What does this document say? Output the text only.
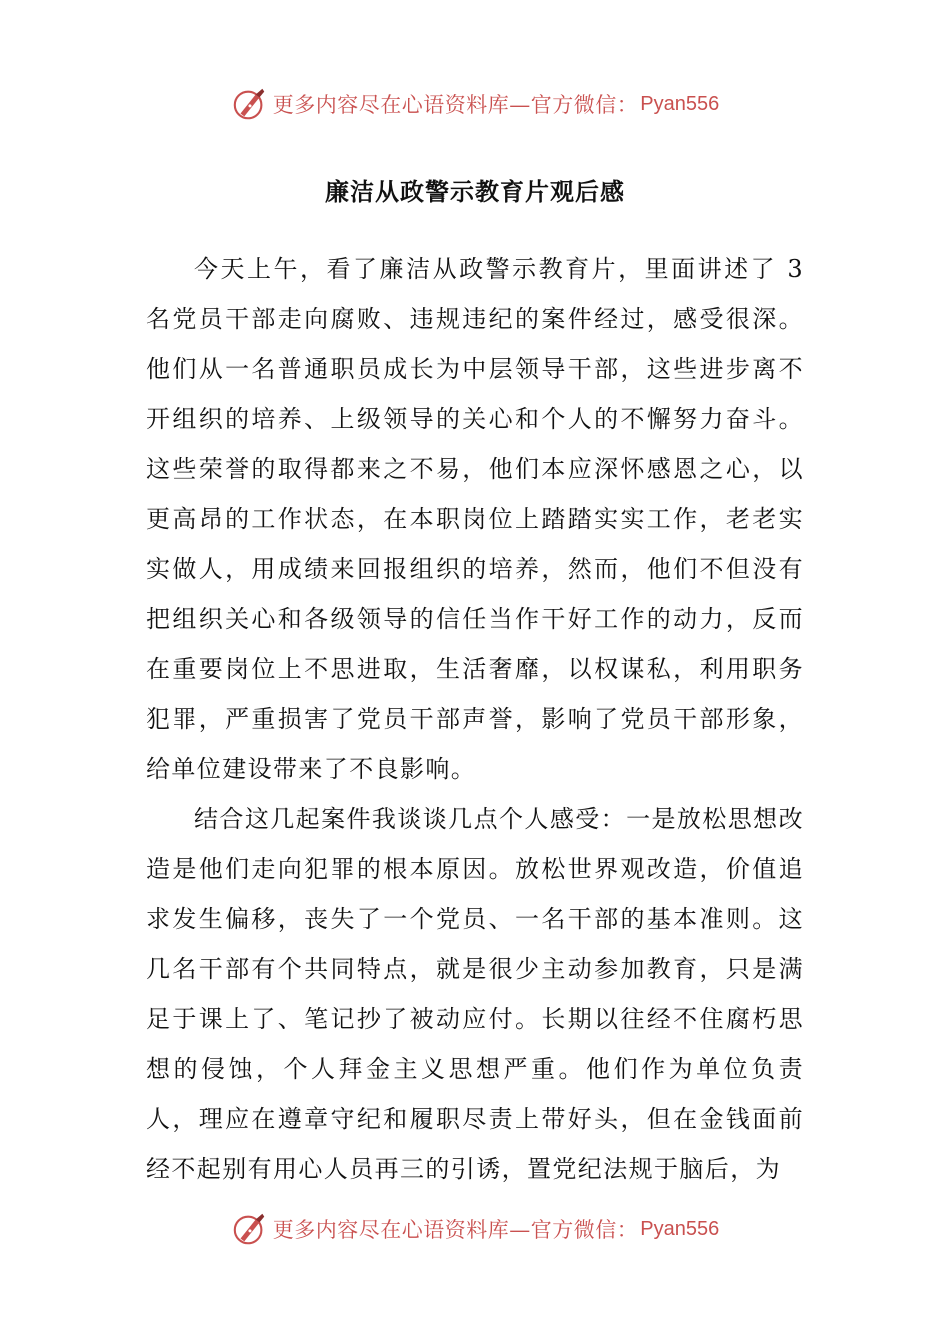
更多内容尽在心语资料库—官方微信： Pyan556
廉洁从政警示教育片观后感

今天上午，看了廉洁从政警示教育片，里面讲述了 3 名党员干部走向腐败、违规违纪的案件经过，感受很深。他们从一名普通职员成长为中层领导干部，这些进步离不开组织的培养、上级领导的关心和个人的不懈努力奋斗。这些荣誉的取得都来之不易，他们本应深怀感恩之心，以更高昂的工作状态，在本职岗位上踏踏实实工作，老老实实做人，用成绩来回报组织的培养，然而，他们不但没有把组织关心和各级领导的信任当作干好工作的动力，反而在重要岗位上不思进取，生活奢靡，以权谋私，利用职务犯罪，严重损害了党员干部声誉，影响了党员干部形象，给单位建设带来了不良影响。

结合这几起案件我谈谈几点个人感受：一是放松思想改造是他们走向犯罪的根本原因。放松世界观改造，价值追求发生偏移，丧失了一个党员、一名干部的基本准则。这几名干部有个共同特点，就是很少主动参加教育，只是满足于课上了、笔记抄了被动应付。长期以往经不住腐朽思想的侵蚀，个人拜金主义思想严重。他们作为单位负责人，理应在遵章守纪和履职尽责上带好头，但在金钱面前经不起别有用心人员再三的引诱，置党纪法规于脑后，为

更多内容尽在心语资料库—官方微信： Pyan556
